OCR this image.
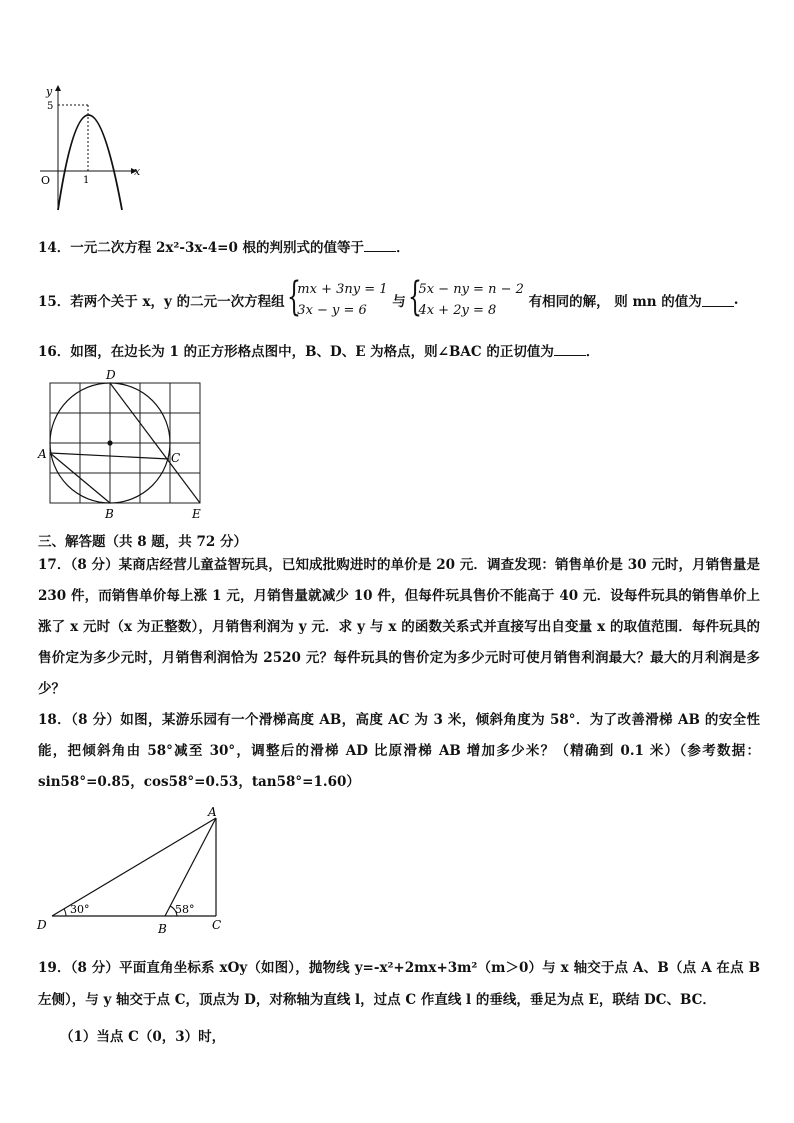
y
x
O
5
1
14．一元二次方程 2x²-3x-4=0 根的判别式的值等于 ．
15．若两个关于 x，y 的二元一次方程组 {
mx + 3ny = 1
3x − y = 6
与 {
5x − ny = n − 2
4x + 2y = 8
有相同的解， 则 mn 的值为 .
16．如图，在边长为 1 的正方形格点图中，B、D、E 为格点，则∠BAC 的正切值为 ．
D
A	C
B	E
三、解答题（共 8 题，共 72 分）
17．（8 分）某商店经营儿童益智玩具，已知成批购进时的单价是 20 元．调查发现：销售单价是 30 元时，月销售量是 230 件，而销售单价每上涨 1 元，月销售量就减少 10 件，但每件玩具售价不能高于 40 元．设每件玩具的销售单价上涨了 x 元时（x 为正整数），月销售利润为 y 元．求 y 与 x 的函数关系式并直接写出自变量 x 的取值范围．每件玩具的售价定为多少元时，月销售利润恰为 2520 元？每件玩具的售价定为多少元时可使月销售利润最大？最大的月利润是多少？
18．（8 分）如图，某游乐园有一个滑梯高度 AB，高度 AC 为 3 米，倾斜角度为 58°．为了改善滑梯 AB 的安全性能，把倾斜角由 58°减至 30°，调整后的滑梯 AD 比原滑梯 AB 增加多少米？（精确到 0.1 米）（参考数据：sin58°=0.85，cos58°=0.53，tan58°=1.60）
A
D	B	C
30°	58°
19．（8 分）平面直角坐标系 xOy（如图），抛物线 y=-x²+2mx+3m²（m＞0）与 x 轴交于点 A、B（点 A 在点 B 左侧），与 y 轴交于点 C，顶点为 D，对称轴为直线 l，过点 C 作直线 l 的垂线，垂足为点 E，联结 DC、BC．
（1）当点 C（0，3）时，
